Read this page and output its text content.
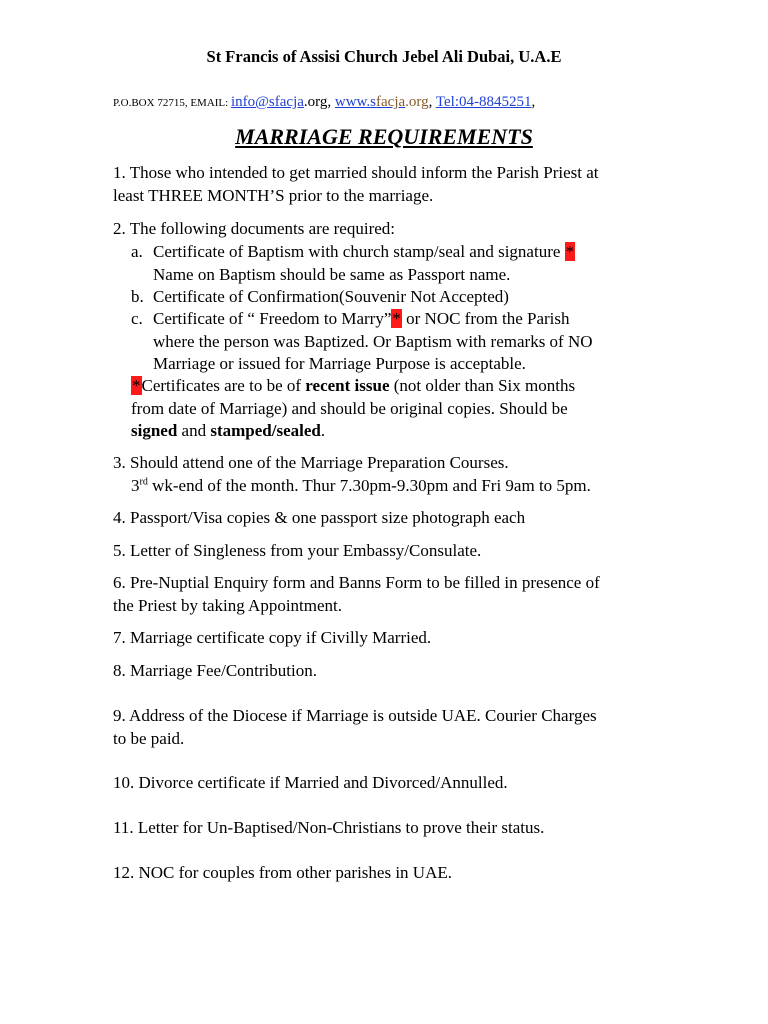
St Francis of Assisi Church Jebel Ali Dubai, U.A.E
P.O.BOX 72715, EMAIL: info@sfacja.org, www.sfacja.org, Tel:04-8845251,
MARRIAGE REQUIREMENTS
1. Those who intended to get married should inform the Parish Priest at
least THREE MONTH’S prior to the marriage.
2. The following documents are required:
a. Certificate of Baptism with church stamp/seal and signature *
Name on Baptism should be same as Passport name.
b. Certificate of Confirmation(Souvenir Not Accepted)
c. Certificate of “ Freedom to Marry”* or NOC from the Parish
where the person was Baptized. Or Baptism with remarks of NO
Marriage or issued for Marriage Purpose is acceptable.
*Certificates are to be of recent issue (not older than Six months
from date of Marriage) and should be original copies. Should be
signed and stamped/sealed.
3. Should attend one of the Marriage Preparation Courses.
3rd wk-end of the month. Thur 7.30pm-9.30pm and Fri 9am to 5pm.
4. Passport/Visa copies & one passport size photograph each
5. Letter of Singleness from your Embassy/Consulate.
6. Pre-Nuptial Enquiry form and Banns Form to be filled in presence of
the Priest by taking Appointment.
7. Marriage certificate copy if Civilly Married.
8. Marriage Fee/Contribution.
9. Address of the Diocese if Marriage is outside UAE. Courier Charges
to be paid.
10. Divorce certificate if Married and Divorced/Annulled.
11. Letter for Un-Baptised/Non-Christians to prove their status.
12. NOC for couples from other parishes in UAE.
